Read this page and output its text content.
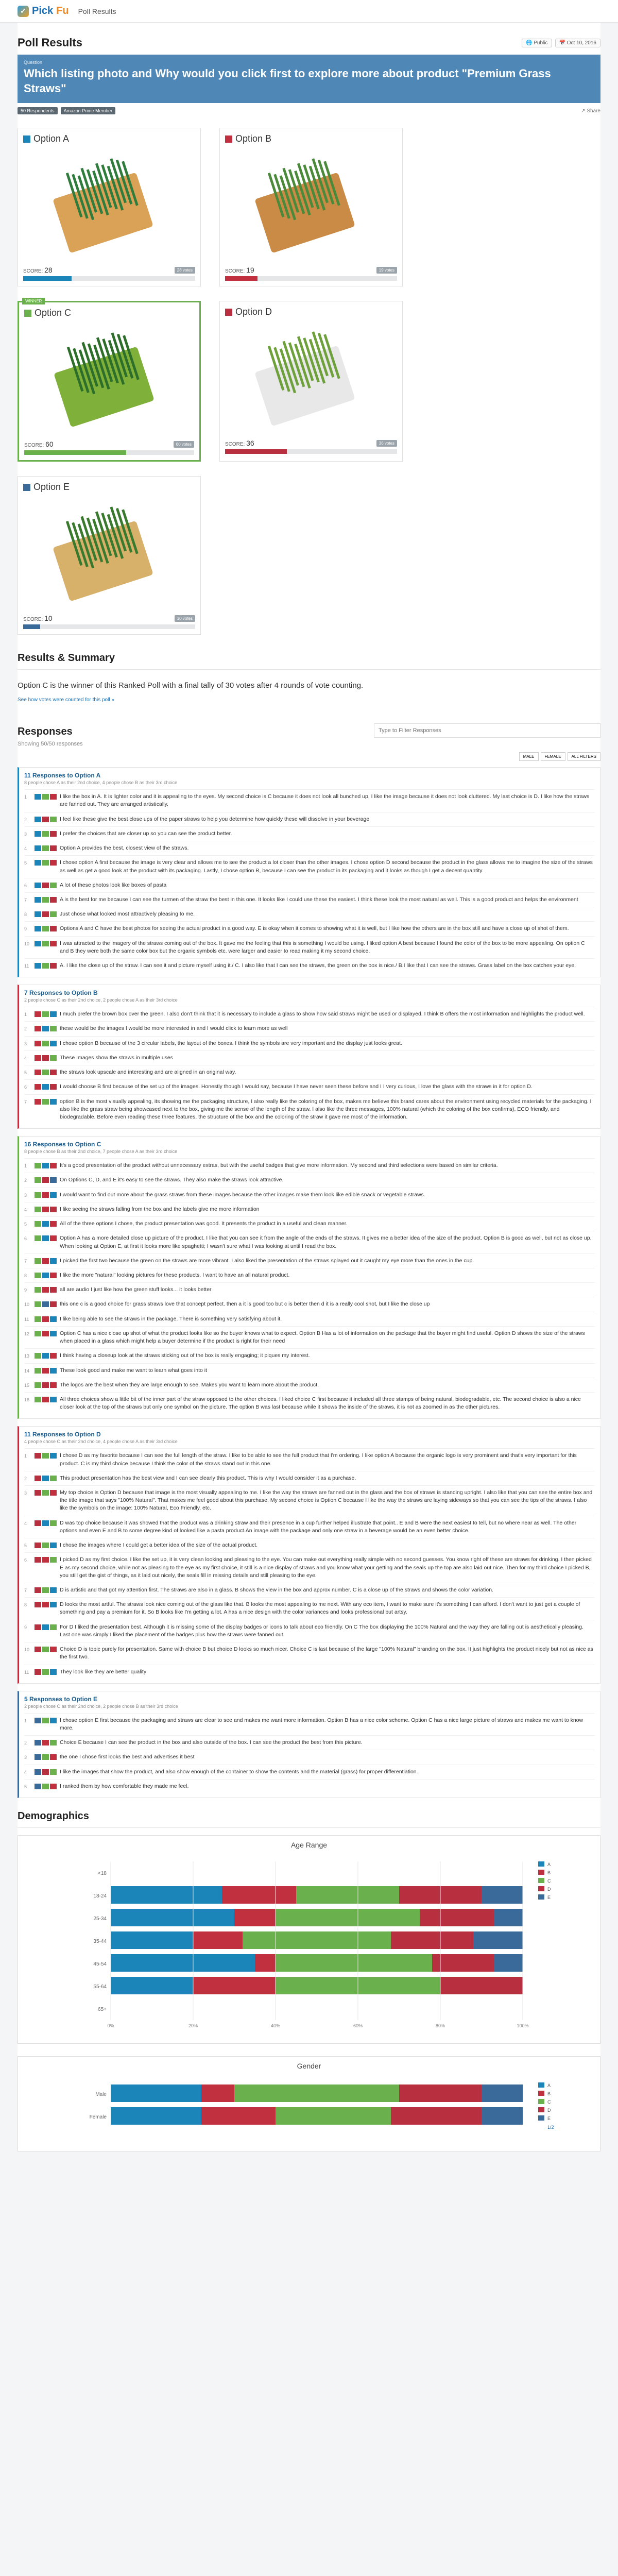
✓ Pick Fu Poll Results
Poll Results	🌐 Public	📅 Oct 10, 2016
Question
Which listing photo and Why would you click first to explore more about product "Premium Grass Straws"
50 Respondents	Amazon Prime Member	↗ Share
Option A
SCORE: 28	28 votes
Option B
SCORE: 19	19 votes
WINNER
Option C
SCORE: 60	60 votes
Option D
SCORE: 36	36 votes
Option E
SCORE: 10	10 votes
Results & Summary
Option C is the winner of this Ranked Poll with a final tally of 30 votes after 4 rounds of vote counting.
See how votes were counted for this poll »
Responses
Type to Filter Responses
Showing 50/50 responses
MALE	FEMALE	ALL FILTERS
11 Responses to Option A
8 people chose A as their 2nd choice, 4 people chose B as their 3rd choice
1	I like the box in A. It is lighter color and it is appealing to the eyes. My second choice is C because it does not look all bunched up, I like the image because it does not look cluttered. My last choice is D. I like how the straws are fanned out. They are arranged artistically.
2	I feel like these give the best close ups of the paper straws to help you determine how quickly these will dissolve in your beverage
3	I prefer the choices that are closer up so you can see the product better.
4	Option A provides the best, closest view of the straws.
5	I chose option A first because the image is very clear and allows me to see the product a lot closer than the other images. I chose option D second because the product in the glass allows me to imagine the size of the straws as well as get a good look at the product with its packaging. Lastly, I chose option B, because I can see the product in its packaging and it looks as though I get a decent quantity.
6	A lot of these photos look like boxes of pasta
7	A is the best for me because I can see the turmen of the straw the best in this one. It looks like I could use these the easiest. I think these look the most natural as well. This is a good product and helps the environment
8	Just chose what looked most attractively pleasing to me.
9	Options A and C have the best photos for seeing the actual product in a good way. E is okay when it comes to showing what it is well, but I like how the others are in the box still and have a close up of shot of them.
10	I was attracted to the imagery of the straws coming out of the box. It gave me the feeling that this is something I would be using. I liked option A best because I found the color of the box to be more appealing. On option C and B they were both the same color box but the organic symbols etc. were larger and easier to read making it my second choice.
11	A. I like the close up of the straw. I can see it and picture myself using it./ C. I also like that I can see the straws, the green on the box is nice./ B.I like that I can see the straws. Grass label on the box catches your eye.
7 Responses to Option B
2 people chose C as their 2nd choice, 2 people chose A as their 3rd choice
1	I much prefer the brown box over the green. I also don't think that it is necessary to include a glass to show how said straws might be used or displayed. I think B offers the most information and highlights the product well.
2	these would be the images I would be more interested in and I would click to learn more as well
3	I chose option B because of the 3 circular labels, the layout of the boxes. I think the symbols are very important and the display just looks great.
4	These Images show the straws in multiple uses
5	the straws look upscale and interesting and are aligned in an original way.
6	I would choose B first because of the set up of the images. Honestly though I would say, because I have never seen these before and I I very curious, I love the glass with the straws in it for option D.
7	option B is the most visually appealing, its showing me the packaging structure, I also really like the coloring of the box, makes me believe this brand cares about the environment using recycled materials for the packaging. I also like the grass straw being showcased next to the box, giving me the sense of the length of the straw. I also like the three messages, 100% natural (which the coloring of the box confirms), ECO friendly, and biodegradable. Before even reading these three features, the structure of the box and the coloring of the straw it gave me most of the information.
16 Responses to Option C
8 people chose B as their 2nd choice, 7 people chose A as their 3rd choice
1	It's a good presentation of the product without unnecessary extras, but with the useful badges that give more information. My second and third selections were based on similar criteria.
2	On Options C, D, and E it's easy to see the straws. They also make the straws look attractive.
3	I would want to find out more about the grass straws from these images because the other images make them look like edible snack or vegetable straws.
4	I like seeing the straws falling from the box and the labels give me more information
5	All of the three options I chose, the product presentation was good. It presents the product in a useful and clean manner.
6	Option A has a more detailed close up picture of the product. I like that you can see it from the angle of the ends of the straws. It gives me a better idea of the size of the product. Option B is good as well, but not as close up. When looking at Option E, at first it looks more like spaghetti; I wasn't sure what I was looking at until I read the box.
7	I picked the first two because the green on the straws are more vibrant. I also liked the presentation of the straws splayed out it caught my eye more than the ones in the cup.
8	I like the more "natural" looking pictures for these products. I want to have an all natural product.
9	all are audio I just like how the green stuff looks... it looks better
10	this one c is a good choice for grass straws love that concept perfect. then a it is good too but c is better then d it is a really cool shot, but I like the close up
11	I like being able to see the straws in the package. There is something very satisfying about it.
12	Option C has a nice close up shot of what the product looks like so the buyer knows what to expect. Option B Has a lot of information on the package that the buyer might find useful. Option D shows the size of the straws when placed in a glass which might help a buyer determine if the product is right for their need
13	I think having a closeup look at the straws sticking out of the box is really engaging; it piques my interest.
14	These look good and make me want to learn what goes into it
15	The logos are the best when they are large enough to see. Makes you want to learn more about the product.
16	All three choices show a little bit of the inner part of the straw opposed to the other choices. I liked choice C first because it included all three stamps of being natural, biodegradable, etc. The second choice is also a nice closer look at the top of the straws but only one symbol on the picture. The option B was last because while it shows the inside of the straws, it is not as zoomed in as the other pictures.
11 Responses to Option D
4 people chose C as their 2nd choice, 4 people chose A as their 3rd choice
1	I chose D as my favorite because I can see the full length of the straw. I like to be able to see the full product that I'm ordering. I like option A because the organic logo is very prominent and that's very important for this product. C is my third choice because I think the color of the straws stand out in this one.
2	This product presentation has the best view and I can see clearly this product. This is why I would consider it as a purchase.
3	My top choice is Option D because that image is the most visually appealing to me. I like the way the straws are fanned out in the glass and the box of straws is standing upright. I also like that you can see the entire box and the title image that says "100% Natural". That makes me feel good about this purchase. My second choice is Option C because I like the way the straws are laying sideways so that you can see the tips of the straws. I also like the symbols on the image: 100% Natural, Eco Friendly, etc.
4	D was top choice because it was showed that the product was a drinking straw and their presence in a cup further helped illustrate that point.. E and B were the next easiest to tell, but no where near as well. The other options and even E and B to some degree kind of looked like a pasta product.An image with the package and only one straw in a beverage would be an even better choice.
5	I chose the images where I could get a better idea of the size of the actual product.
6	I picked D as my first choice. I like the set up, it is very clean looking and pleasing to the eye. You can make out everything really simple with no second guesses. You know right off these are straws for drinking. I then picked E as my second choice, while not as pleasing to the eye as my first choice, it still is a nice display of straws and you know what your getting and the seals up the top are also laid out nice. Then for my third choice I picked B, you still get the gist of things, as it laid out nicely, the seals fill in missing details and still pleasing to the eye.
7	D is artistic and that got my attention first. The straws are also in a glass. B shows the view in the box and approx number. C is a close up of the straws and shows the color variation.
8	D looks the most artful. The straws look nice coming out of the glass like that. B looks the most appealing to me next. With any eco item, I want to make sure it's something I can afford. I don't want to just get a couple of something and pay a premium for it. So B looks like I'm getting a lot. A has a nice design with the color variances and looks professional but artsy.
9	For D I liked the presentation best. Although it is missing some of the display badges or icons to talk about eco friendly. On C The box displaying the 100% Natural and the way they are falling out is aesthetically pleasing. Last one was simply I liked the placement of the badges plus how the straws were fanned out.
10	Choice D is topic purely for presentation. Same with choice B but choice D looks so much nicer. Choice C is last because of the large "100% Natural" branding on the box. It just highlights the product nicely but not as nice as the first two.
11	They look like they are better quality
5 Responses to Option E
2 people chose C as their 2nd choice, 2 people chose B as their 3rd choice
1	I chose option E first because the packaging and straws are clear to see and makes me want more information. Option B has a nice color scheme. Option C has a nice large picture of straws and makes me want to know more.
2	Choice E because I can see the product in the box and also outside of the box. I can see the product the best from this picture.
3	the one I chose first looks the best and advertises it best
4	I like the images that show the product, and also show enough of the container to show the contents and the material (grass) for proper differentiation.
5	I ranked them by how comfortable they made me feel.
Demographics
Age Range
<18
18-24
25-34
35-44
45-54
55-64
65+
0%	20%	40%	60%	80%	100%
A
B
C
D
E
Gender
Male
Female
A
B
C
D
E
1/2
